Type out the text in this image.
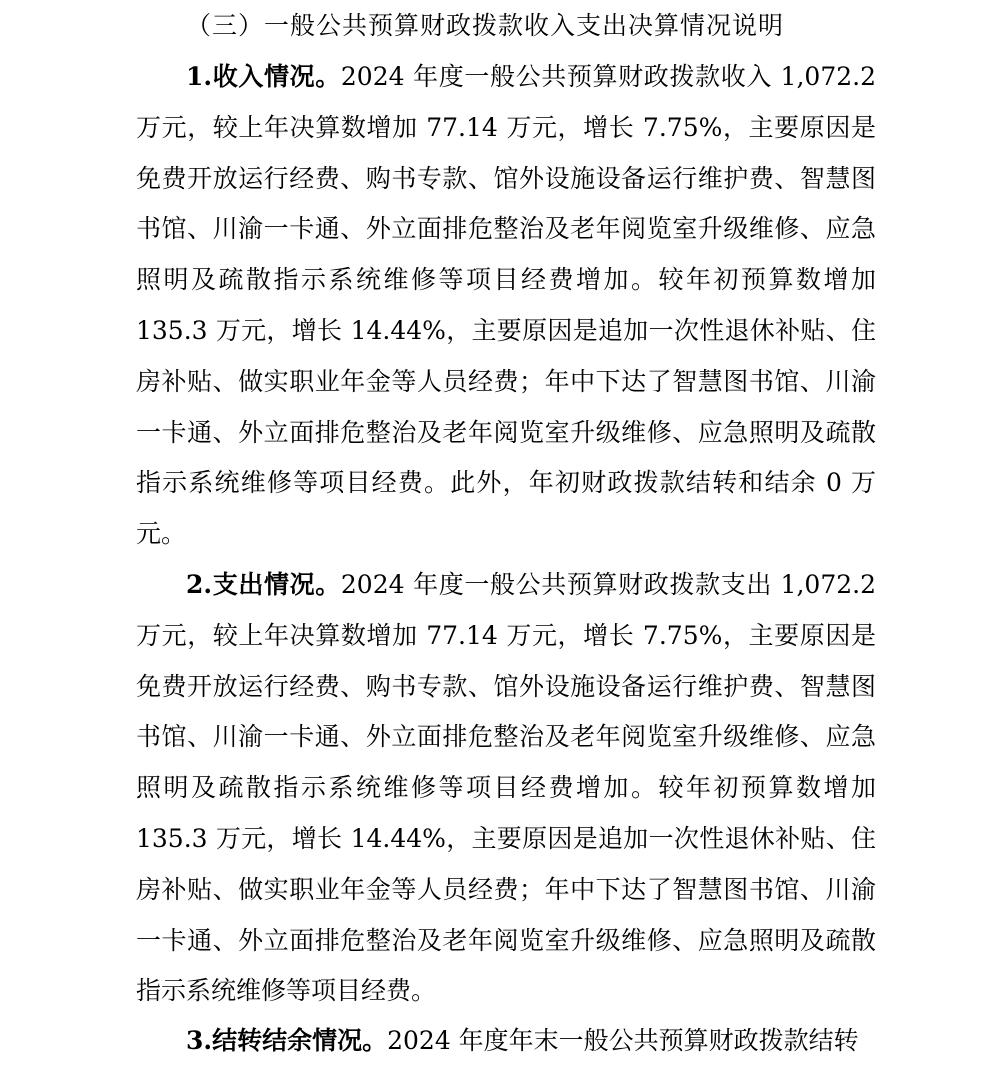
（三）一般公共预算财政拨款收入支出决算情况说明
1.收入情况。2024 年度一般公共预算财政拨款收入 1,072.2 万元，较上年决算数增加 77.14 万元，增长 7.75%，主要原因是免费开放运行经费、购书专款、馆外设施设备运行维护费、智慧图书馆、川渝一卡通、外立面排危整治及老年阅览室升级维修、应急照明及疏散指示系统维修等项目经费增加。较年初预算数增加 135.3 万元，增长 14.44%，主要原因是追加一次性退休补贴、住房补贴、做实职业年金等人员经费；年中下达了智慧图书馆、川渝一卡通、外立面排危整治及老年阅览室升级维修、应急照明及疏散指示系统维修等项目经费。此外，年初财政拨款结转和结余 0 万元。
2.支出情况。2024 年度一般公共预算财政拨款支出 1,072.2 万元，较上年决算数增加 77.14 万元，增长 7.75%，主要原因是免费开放运行经费、购书专款、馆外设施设备运行维护费、智慧图书馆、川渝一卡通、外立面排危整治及老年阅览室升级维修、应急照明及疏散指示系统维修等项目经费增加。较年初预算数增加 135.3 万元，增长 14.44%，主要原因是追加一次性退休补贴、住房补贴、做实职业年金等人员经费；年中下达了智慧图书馆、川渝一卡通、外立面排危整治及老年阅览室升级维修、应急照明及疏散指示系统维修等项目经费。
3.结转结余情况。2024 年度年末一般公共预算财政拨款结转
